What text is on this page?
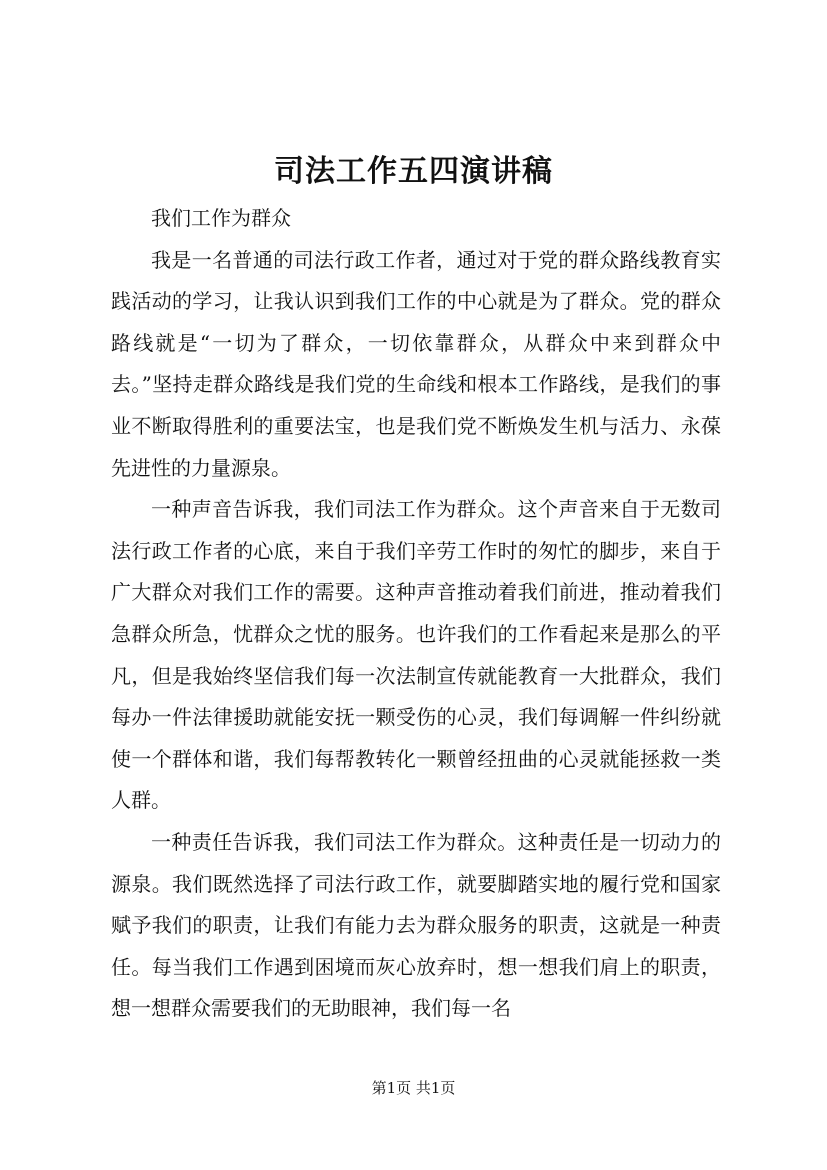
司法工作五四演讲稿

我们工作为群众

我是一名普通的司法行政工作者，通过对于党的群众路线教育实践活动的学习，让我认识到我们工作的中心就是为了群众。党的群众路线就是“一切为了群众，一切依靠群众，从群众中来到群众中去。”坚持走群众路线是我们党的生命线和根本工作路线，是我们的事业不断取得胜利的重要法宝，也是我们党不断焕发生机与活力、永葆先进性的力量源泉。

一种声音告诉我，我们司法工作为群众。这个声音来自于无数司法行政工作者的心底，来自于我们辛劳工作时的匆忙的脚步，来自于广大群众对我们工作的需要。这种声音推动着我们前进，推动着我们急群众所急，忧群众之忧的服务。也许我们的工作看起来是那么的平凡，但是我始终坚信我们每一次法制宣传就能教育一大批群众，我们每办一件法律援助就能安抚一颗受伤的心灵，我们每调解一件纠纷就使一个群体和谐，我们每帮教转化一颗曾经扭曲的心灵就能拯救一类人群。

一种责任告诉我，我们司法工作为群众。这种责任是一切动力的源泉。我们既然选择了司法行政工作，就要脚踏实地的履行党和国家赋予我们的职责，让我们有能力去为群众服务的职责，这就是一种责任。每当我们工作遇到困境而灰心放弃时，想一想我们肩上的职责，想一想群众需要我们的无助眼神，我们每一名

第1页 共1页
